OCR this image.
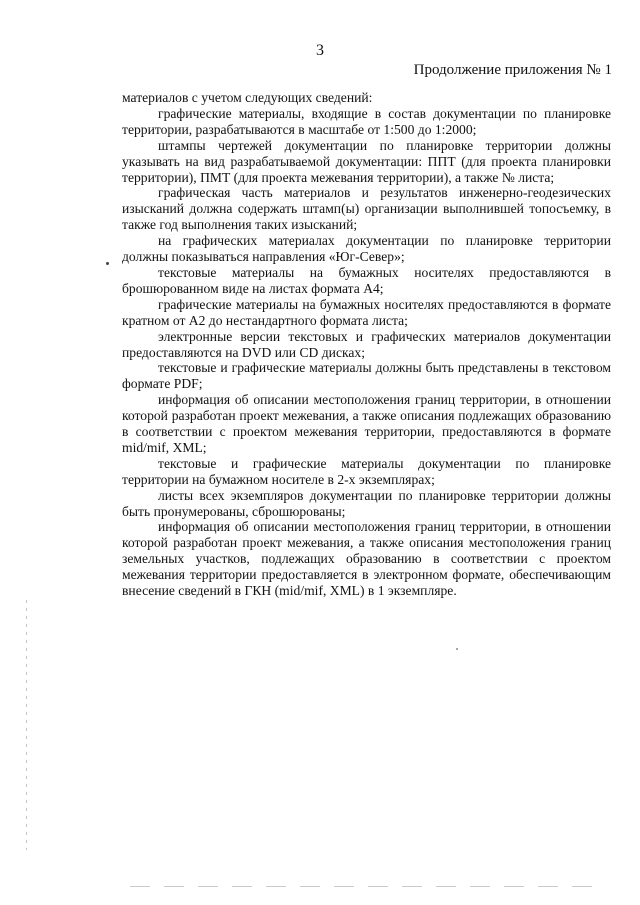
3
Продолжение приложения № 1

материалов с учетом следующих сведений:

графические материалы, входящие в состав документации по планировке территории, разрабатываются в масштабе от 1:500 до 1:2000;

штампы чертежей документации по планировке территории должны указывать на вид разрабатываемой документации: ППТ (для проекта планировки территории), ПМТ (для проекта межевания территории), а также № листа;

графическая часть материалов и результатов инженерно-геодезических изысканий должна содержать штамп(ы) организации выполнившей топосъемку, в также год выполнения таких изысканий;

на графических материалах документации по планировке территории должны показываться направления «Юг-Север»;

текстовые материалы на бумажных носителях предоставляются в брошюрованном виде на листах формата А4;

графические материалы на бумажных носителях предоставляются в формате кратном от А2 до нестандартного формата листа;

электронные версии текстовых и графических материалов документации предоставляются на DVD или CD дисках;

текстовые и графические материалы должны быть представлены в текстовом формате PDF;

информация об описании местоположения границ территории, в отношении которой разработан проект межевания, а также описания подлежащих образованию в соответствии с проектом межевания территории, предоставляются в формате mid/mif, XML;

текстовые и графические материалы документации по планировке территории на бумажном носителе в 2-х экземплярах;

листы всех экземпляров документации по планировке территории должны быть пронумерованы, сброшюрованы;

информация об описании местоположения границ территории, в отношении которой разработан проект межевания, а также описания местоположения границ земельных участков, подлежащих образованию в соответствии с проектом межевания территории предоставляется в электронном формате, обеспечивающим внесение сведений в ГКН (mid/mif, XML) в 1 экземпляре.
